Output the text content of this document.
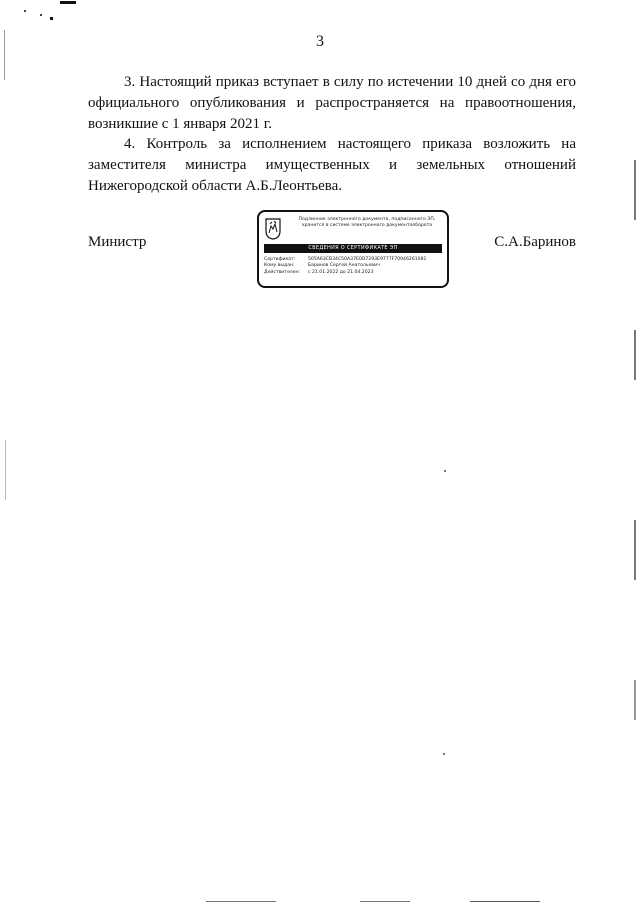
3
3. Настоящий приказ вступает в силу по истечении 10 дней со дня его
официального опубликования и распространяется на правоотношения,
возникшие с 1 января 2021 г.
4. Контроль за исполнением настоящего приказа возложить на
заместителя министра имущественных и земельных отношений
Нижегородской области А.Б.Леонтьева.
Министр	С.А.Баринов
Подлинник электронного документа, подписанного ЭП, хранится в системе электронного документооборота
СВЕДЕНИЯ О СЕРТИФИКАТЕ ЭП
Сертификат:	505A63CB34C50A37E0D7293E9777F70946261081
Кому выдан:	Баринов Сергей Анатольевич
Действителен: с 21.01.2022 до 21.04.2023
